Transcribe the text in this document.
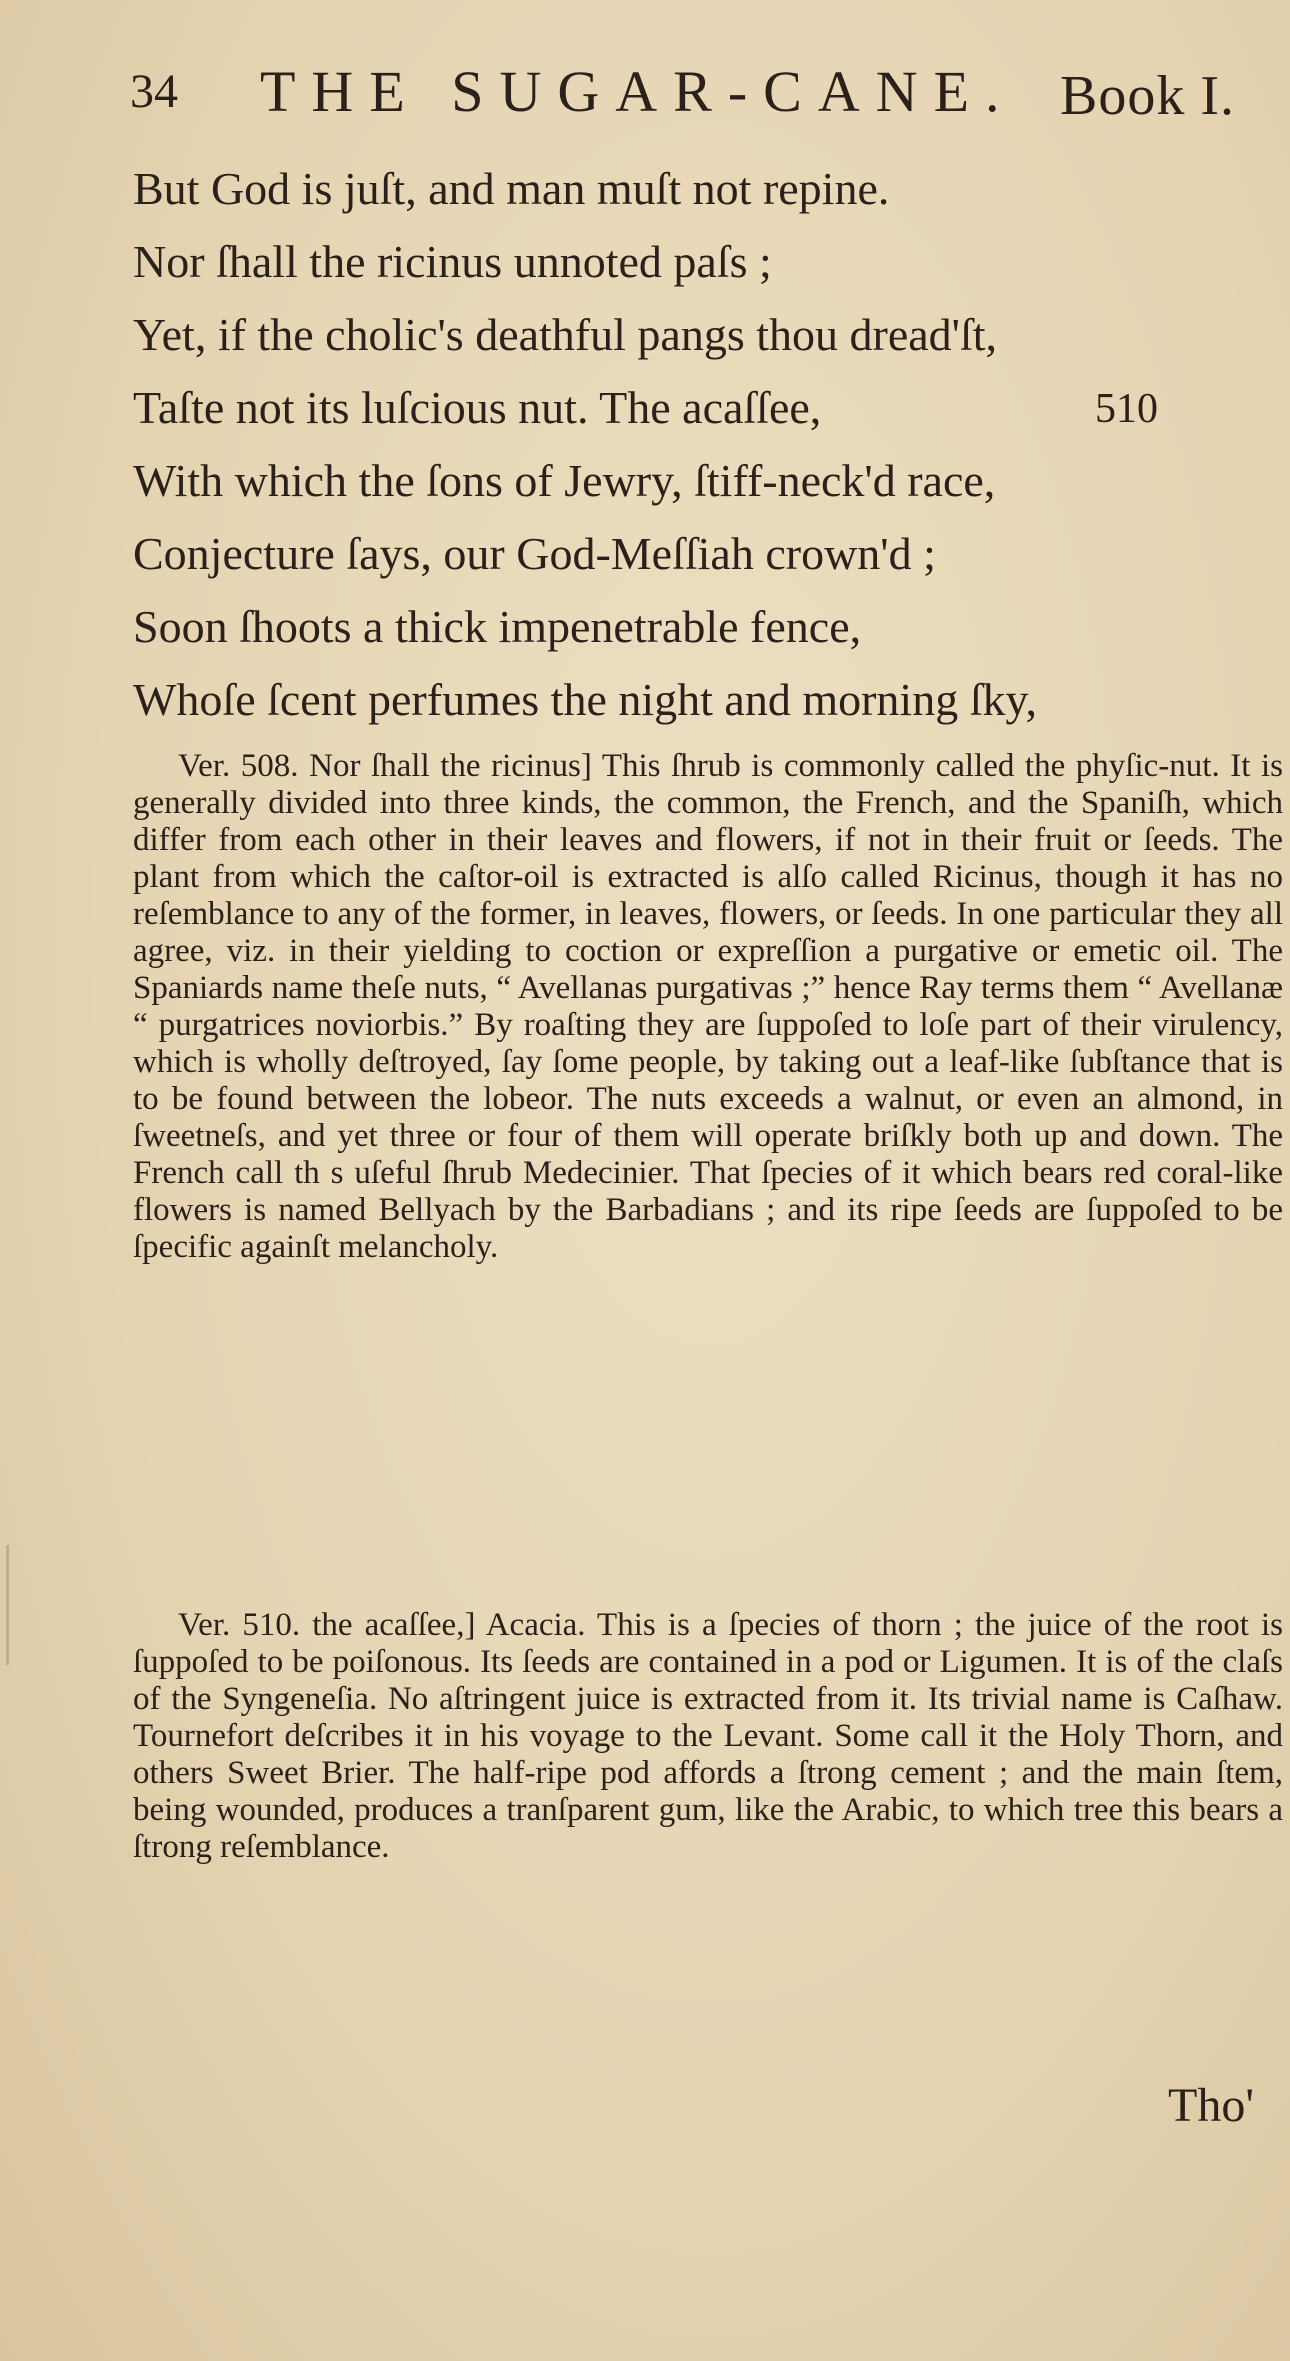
34 THE SUGAR-CANE. Book I.
But God is juſt, and man muſt not repine.
Nor ſhall the ricinus unnoted paſs ;
Yet, if the cholic's deathful pangs thou dread'ſt,
Taſte not its luſcious nut. The acaſſee,	510
With which the ſons of Jewry, ſtiff-neck'd race,
Conjecture ſays, our God-Meſſiah crown'd ;
Soon ſhoots a thick impenetrable fence,
Whoſe ſcent perfumes the night and morning ſky,

Ver. 508. Nor ſhall the ricinus] This ſhrub is commonly called the phyſic-nut. It is generally divided into three kinds, the common, the French, and the Spaniſh, which differ from each other in their leaves and flowers, if not in their fruit or ſeeds. The plant from which the caſtor-oil is extracted is alſo called Ricinus, though it has no reſemblance to any of the former, in leaves, flowers, or ſeeds. In one particular they all agree, viz. in their yielding to coction or expreſſion a purgative or emetic oil. The Spaniards name theſe nuts, “ Avellanas purgativas ;” hence Ray terms them “ Avellanæ “ purgatrices noviorbis.” By roaſting they are ſuppoſed to loſe part of their virulency, which is wholly deſtroyed, ſay ſome people, by taking out a leaf-like ſubſtance that is to be found between the lobeor. The nuts exceeds a walnut, or even an almond, in ſweetneſs, and yet three or four of them will operate briſkly both up and down. The French call th s uſeful ſhrub Medecinier. That ſpecies of it which bears red coral-like flowers is named Bellyach by the Barbadians ; and its ripe ſeeds are ſuppoſed to be ſpecific againſt melancholy.

Ver. 510. the acaſſee,] Acacia. This is a ſpecies of thorn ; the juice of the root is ſuppoſed to be poiſonous. Its ſeeds are contained in a pod or Ligumen. It is of the claſs of the Syngeneſia. No aſtringent juice is extracted from it. Its trivial name is Caſhaw. Tournefort deſcribes it in his voyage to the Levant. Some call it the Holy Thorn, and others Sweet Brier. The half-ripe pod affords a ſtrong cement ; and the main ſtem, being wounded, produces a tranſparent gum, like the Arabic, to which tree this bears a ſtrong reſemblance.

Tho'
